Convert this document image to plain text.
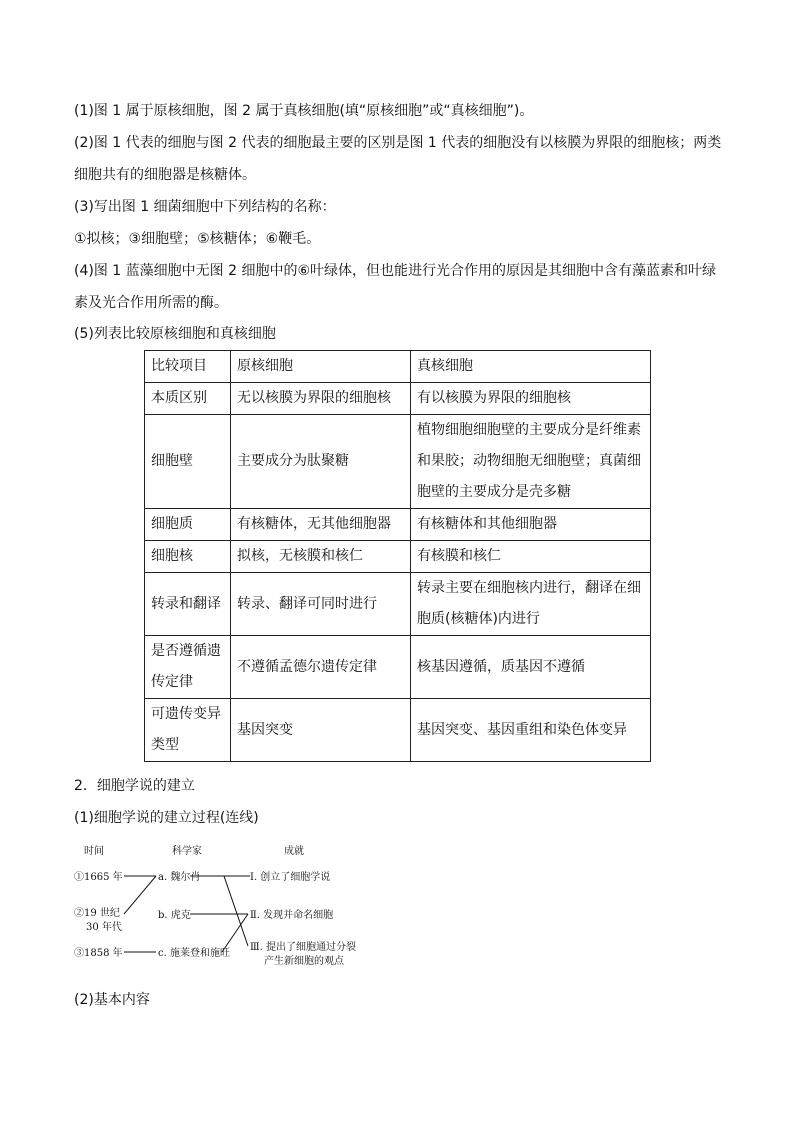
(1)图 1 属于原核细胞，图 2 属于真核细胞(填“原核细胞”或“真核细胞”)。
(2)图 1 代表的细胞与图 2 代表的细胞最主要的区别是图 1 代表的细胞没有以核膜为界限的细胞核；两类细胞共有的细胞器是核糖体。
(3)写出图 1 细菌细胞中下列结构的名称：
①拟核；③细胞壁；⑤核糖体；⑥鞭毛。
(4)图 1 蓝藻细胞中无图 2 细胞中的⑥叶绿体，但也能进行光合作用的原因是其细胞中含有藻蓝素和叶绿素及光合作用所需的酶。
(5)列表比较原核细胞和真核细胞
比较项目	原核细胞	真核细胞
本质区别	无以核膜为界限的细胞核	有以核膜为界限的细胞核
细胞壁	主要成分为肽聚糖	植物细胞细胞壁的主要成分是纤维素和果胶；动物细胞无细胞壁；真菌细胞壁的主要成分是壳多糖
细胞质	有核糖体，无其他细胞器	有核糖体和其他细胞器
细胞核	拟核，无核膜和核仁	有核膜和核仁
转录和翻译	转录、翻译可同时进行	转录主要在细胞核内进行，翻译在细胞质(核糖体)内进行
是否遵循遗传定律	不遵循孟德尔遗传定律	核基因遵循，质基因不遵循
可遗传变异类型	基因突变	基因突变、基因重组和染色体变异
2．细胞学说的建立
(1)细胞学说的建立过程(连线)
时间	科学家	成就
①1665 年
②19 世纪
30 年代
③1858 年
a. 魏尔肖
b. 虎克
c. 施莱登和施旺
Ⅰ. 创立了细胞学说
Ⅱ. 发现并命名细胞
Ⅲ. 提出了细胞通过分裂
产生新细胞的观点
(2)基本内容
